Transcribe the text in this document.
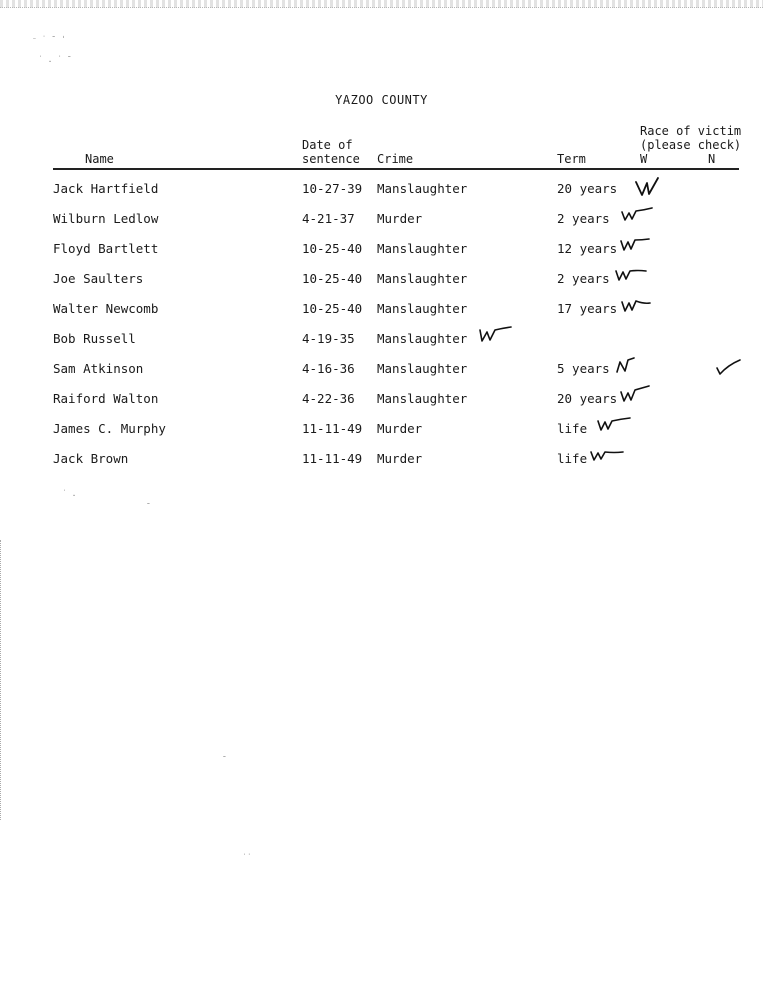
⁻ ˙ ˉ ˈ
˙ . ˙ ˉ
˙ .
ˉ
ˉ
˙˙
YAZOO COUNTY
Race of victim
(please check)
Date of
Name	sentence Crime	Term	W	N
Jack Hartfield	10-27-39 Manslaughter	20 years
Wilburn Ledlow	4-21-37 Murder	2 years
Floyd Bartlett	10-25-40 Manslaughter	12 years
Joe Saulters	10-25-40 Manslaughter	2 years
Walter Newcomb	10-25-40 Manslaughter	17 years
Bob Russell	4-19-35 Manslaughter
Sam Atkinson	4-16-36 Manslaughter	5 years
Raiford Walton	4-22-36 Manslaughter	20 years
James C. Murphy	11-11-49 Murder	life
Jack Brown	11-11-49 Murder	life
